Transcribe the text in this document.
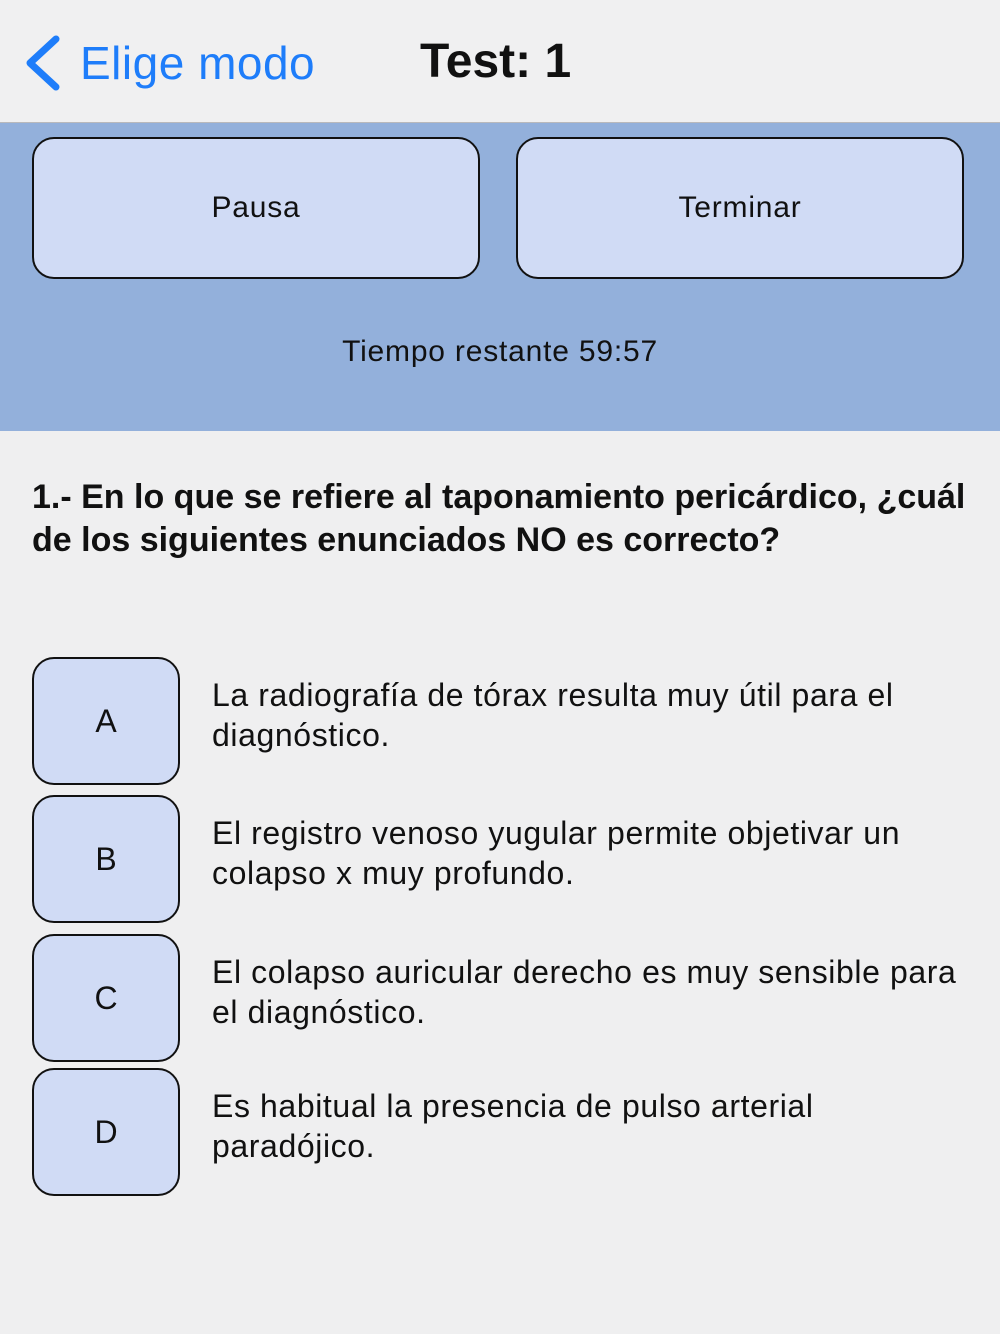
Elige modo Test: 1
Pausa	Terminar
Tiempo restante 59:57
1.- En lo que se refiere al taponamiento pericárdico, ¿cuál de los siguientes enunciados NO es correcto?
A
La radiografía de tórax resulta muy útil para el diagnóstico.
B
El registro venoso yugular permite objetivar un colapso x muy profundo.
C
El colapso auricular derecho es muy sensible para el diagnóstico.
D
Es habitual la presencia de pulso arterial paradójico.
